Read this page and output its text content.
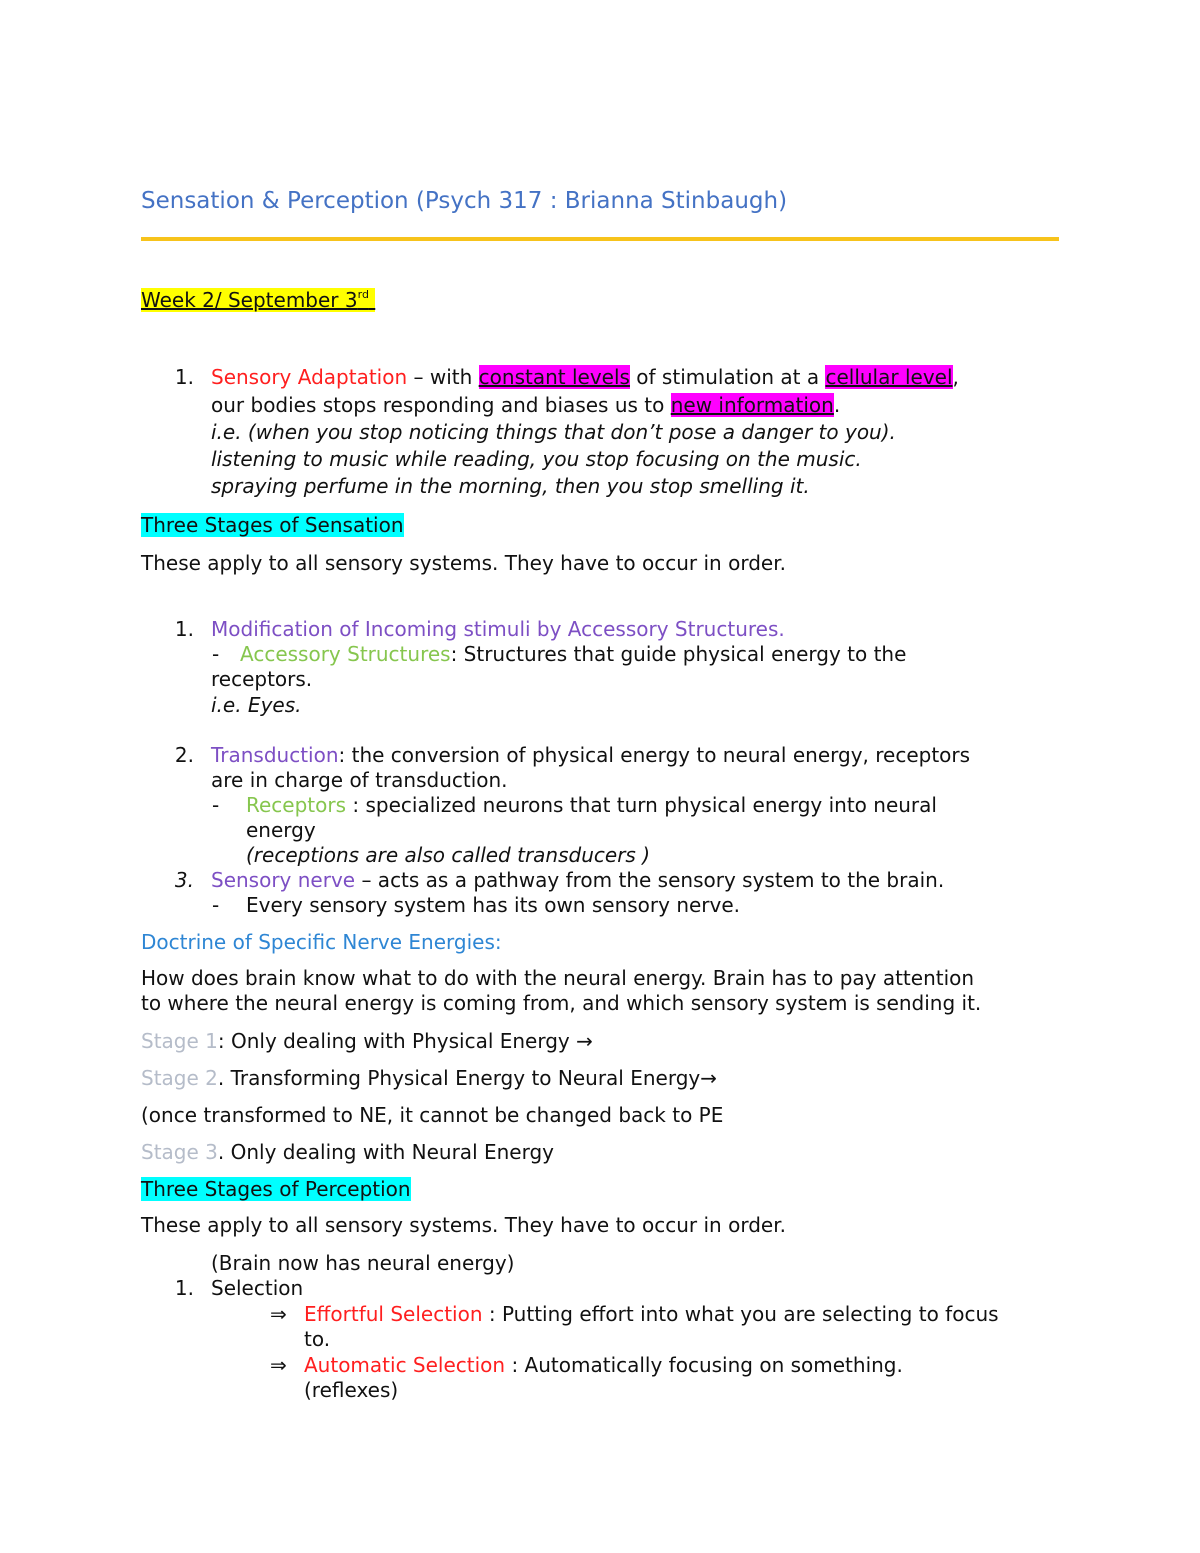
Sensation & Perception (Psych 317 : Brianna Stinbaugh)
Week 2/ September 3rd
1. Sensory Adaptation – with constant levels of stimulation at a cellular level,
our bodies stops responding and biases us to new information.
i.e. (when you stop noticing things that don’t pose a danger to you).
listening to music while reading, you stop focusing on the music.
spraying perfume in the morning, then you stop smelling it.
Three Stages of Sensation
These apply to all sensory systems. They have to occur in order.
1. Modification of Incoming stimuli by Accessory Structures.
- Accessory Structures: Structures that guide physical energy to the
receptors.
i.e. Eyes.
2. Transduction: the conversion of physical energy to neural energy, receptors
are in charge of transduction.
- Receptors : specialized neurons that turn physical energy into neural
energy
(receptions are also called transducers )
3. Sensory nerve – acts as a pathway from the sensory system to the brain.
- Every sensory system has its own sensory nerve.
Doctrine of Specific Nerve Energies:
How does brain know what to do with the neural energy. Brain has to pay attention
to where the neural energy is coming from, and which sensory system is sending it.
Stage 1: Only dealing with Physical Energy →
Stage 2. Transforming Physical Energy to Neural Energy→
(once transformed to NE, it cannot be changed back to PE
Stage 3. Only dealing with Neural Energy
Three Stages of Perception
These apply to all sensory systems. They have to occur in order.
(Brain now has neural energy)
1. Selection
⇒ Effortful Selection : Putting effort into what you are selecting to focus
to.
⇒ Automatic Selection : Automatically focusing on something.
(reflexes)
